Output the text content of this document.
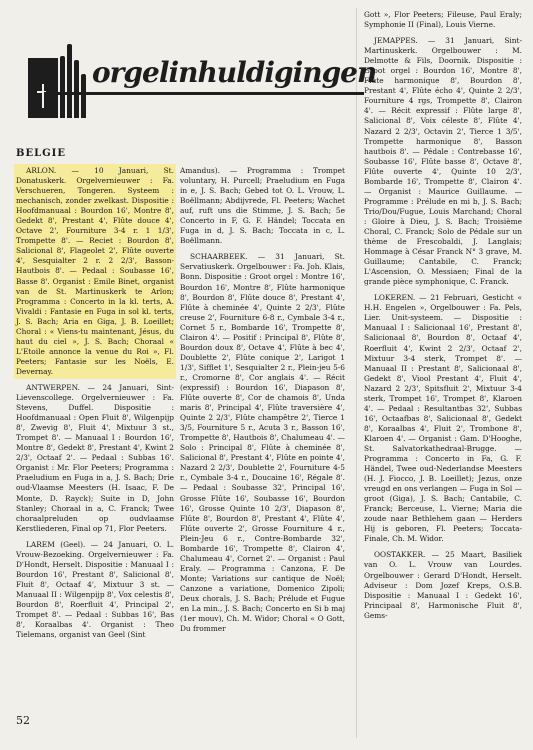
orgelinhuldigingen
BELGIE

ARLON. — 10 Januari, St. Donatuskerk. Orgelvernieuwer : Fa. Verschueren, Tongeren. Systeem : mechanisch, zonder zwelkast. Dispositie : Hoofdmanuaal : Bourdon 16', Montre 8', Gedekt 8', Prestant 4', Flûte douce 4', Octave 2', Fourniture 3-4 r. 1 1/3', Trompette 8'. — Reciet : Bourdon 8', Salicional 8', Flageolet 2', Flûte ouverte 4', Sesquialter 2 r. 2 2/3', Basson-Hautbois 8'. — Pedaal : Soubasse 16', Basse 8'. Organist : Emile Binet, organist van de St. Martinuskerk te Arlon; Programma : Concerto in la kl. terts, A. Vivaldi : Fantasie en Fuga in sol kl. terts, J. S. Bach; Aria en Giga, J. B. Loeillet; Choral : « Viens-tu maintenant, Jésus, du haut du ciel », J. S. Bach; Choraal « L'Etoile annonce la venue du Roi », Fl. Peeters; Fantasie sur les Noëls, E. Devernay.

ANTWERPEN. — 24 Januari, Sint-Lievenscollege. Orgelvernieuwer : Fa. Stevens, Duffel. Dispositie : Hoofdmanuaal : Open Fluit 8', Wilgenpijp 8', Zwevig 8', Fluit 4', Mixtuur 3 st., Trompet 8'. — Manuaal I : Bourdon 16', Montre 8', Gedekt 8', Prestant 4', Kwint 2 2/3', Octaaf 2'. — Pedaal : Subbas 16'. Organist : Mr. Flor Peeters; Programma : Praeludium en Fuga in a, J. S. Bach; Drie oud-Vlaamse Meesters (H. Isaac, F. De Monte, D. Rayck); Suite in D, John Stanley; Choraal in a, C. Franck; Twee choraalpreluden op oudvlaamse Kerstliederen, Final op 71, Flor Peeters.

LAREM (Geel). — 24 Januari, O. L. Vrouw-Bezoeking. Orgelvernieuwer : Fa. D'Hondt, Herselt. Dispositie : Manuaal I : Bourdon 16', Prestant 8', Salicional 8', Fluit 8', Octaaf 4', Mixtuur 3 st. — Manuaal II : Wilgenpijp 8', Vox celestis 8', Bourdon 8', Roerfluit 4', Principal 2', Trompet 8'. — Pedaal : Subbas 16', Bas 8', Koraalbas 4'. Organist : Theo Tielemans, organist van Geel (Sint

Amandus). — Programma : Trompet voluntary, H. Purcell; Praeludium en Fuga in e, J. S. Bach; Gebed tot O. L. Vrouw, L. Boëllmann; Abdijvrede, Fl. Peeters; Wachet auf, ruft uns die Stimme, J. S. Bach; 5e Concerto in F, G. F. Händel; Toccata en Fuga in d, J. S. Bach; Toccata in c, L. Boëllmann.

SCHAARBEEK. — 31 Januari, St. Servatiuskerk. Orgelbouwer : Fa. Joh. Klais, Bonn. Dispositie : Groot orgel : Montre 16', Bourdon 16', Montre 8', Flûte harmonique 8', Bourdon 8', Flûte douce 8', Prestant 4', Flûte à cheminée 4', Quinte 2 2/3', Flûte creuse 2', Fourniture 6-8 r., Cymbale 3-4 r., Cornet 5 r., Bombarde 16', Trompette 8', Clairon 4'. — Positif : Principal 8', Flûte 8', Bourdon doux 8', Octave 4', Flûte à bec 4', Doublette 2', Flûte conique 2', Larigot 1 1/3', Sifflet 1', Sesquialter 2 r., Plein-jeu 5-6 r., Cromorne 8', Cor anglais 4'. — Récit (expressif) : Bourdon 16', Diapason 8', Flûte ouverte 8', Cor de chamois 8', Unda maris 8', Principal 4', Flûte traversière 4', Quinte 2 2/3', Flûte champêtre 2', Tierce 1 3/5, Fourniture 5 r., Acuta 3 r., Basson 16', Trompette 8', Hautbois 8', Chalumeau 4'. — Solo : Principal 8', Flûte à cheminée 8', Salicional 8', Prestant 4', Flûte en pointe 4', Nazard 2 2/3', Doublette 2', Fourniture 4-5 r., Cymbale 3-4 r., Doucaine 16', Régale 8'. — Pedaal : Soubasse 32', Principal 16', Grosse Flûte 16', Soubasse 16', Bourdon 16', Grosse Quinte 10 2/3', Diapason 8', Flûte 8', Bourdon 8', Prestant 4', Flûte 4', Flûte ouverte 2', Grosse Fourniture 4 r., Plein-Jeu 6 r., Contre-Bombarde 32', Bombarde 16', Trompette 8', Clairon 4', Chalumeau 4', Cornet 2'. — Organist : Paul Eraly. — Programma : Canzona, F. De Monte; Variations sur cantique de Noël; Canzone a variatione, Domenico Zipoli; Deux chorals, J. S. Bach; Prélude et Fugue en La min., J. S. Bach; Concerto en Si b maj (1er mouv), Ch. M. Widor; Choral « O Gott, Du frommer

Gott », Flor Peeters; Fileuse, Paul Eraly; Symphonie II (Final), Louis Vierne.

JEMAPPES. — 31 Januari, Sint-Martinuskerk. Orgelbouwer : M. Delmotte & Fils, Doornik. Dispositie : Groot orgel : Bourdon 16', Montre 8', Flûte harmonique 8', Bourdon 8', Prestant 4', Flûte écho 4', Quinte 2 2/3', Fourniture 4 rgs, Trompette 8', Clairon 4'. — Récit expressif : Flûte large 8', Salicional 8', Voix céleste 8', Flûte 4', Nazard 2 2/3', Octavin 2', Tierce 1 3/5', Trompette harmonique 8', Basson hautbois 8'. — Pédale : Contrebasse 16', Soubasse 16', Flûte basse 8', Octave 8', Flûte ouverte 4', Quinte 10 2/3', Bombarde 16', Trompette 8', Clairon 4'. — Organist : Maurice Guillaume. — Programme : Prélude en mi b, J. S. Bach; Trio/Dou/Fugue, Louis Marchand; Choral : Gloire à Dieu, J. S. Bach; Troisième Choral, C. Franck; Solo de Pédale sur un thème de Frescobaldi, J. Langlais; Hommage à César Franck N° 3 grave, M. Guillaume; Cantabile, C. Franck; L'Ascension, O. Messiaen; Final de la grande pièce symphonique, C. Franck.

LOKEREN. — 21 Februari, Gesticht « H.H. Engelen », Orgelbouwer : Fa. Pels, Lier. Unit-systeem. — Dispositie : Manuaal I : Salicionaal 16', Prestant 8', Salicionaal 8', Bourdon 8', Octaaf 4', Roerfluit 4', Kwint 2 2/3', Octaaf 2', Mixtuur 3-4 sterk, Trompet 8'. — Manuaal II : Prestant 8', Salicionaal 8', Gedekt 8', Viool Prestant 4', Fluit 4', Nazard 2 2/3', Spitsfluit 2', Mixtuur 3-4 sterk, Trompet 16', Trompet 8', Klaroen 4'. — Pedaal : Resultantbas 32', Subbas 16', Octaafbas 8', Salicionaal 8', Gedekt 8', Koraalbas 4', Fluit 2', Trombone 8', Klaroen 4'. — Organist : Gam. D'Hooghe, St. Salvatorkathedraal-Brugge. — Programma : Concerto in Fa, G. F. Händel, Twee oud-Nederlandse Meesters (H. J. Fiocco, J. B. Loeillet); Jezus, onze vreugd en ons verlangen — Fuga in Sol — groot (Giga), J. S. Bach; Cantabile, C. Franck; Berceuse, L. Vierne; Maria die zoude naar Bethlehem gaan — Herders Hij is geboren, Fl. Peeters; Toccata-Finale, Ch. M. Widor.

OOSTAKKER. — 25 Maart, Basiliek van O. L. Vrouw van Lourdes. Orgelbouwer : Gerard D'Hondt, Herselt. Adviseur : Dom Jozef Kreps, O.S.B. Dispositie : Manuaal I : Gedekt 16', Principaal 8', Harmonische Fluit 8', Gems-

52
